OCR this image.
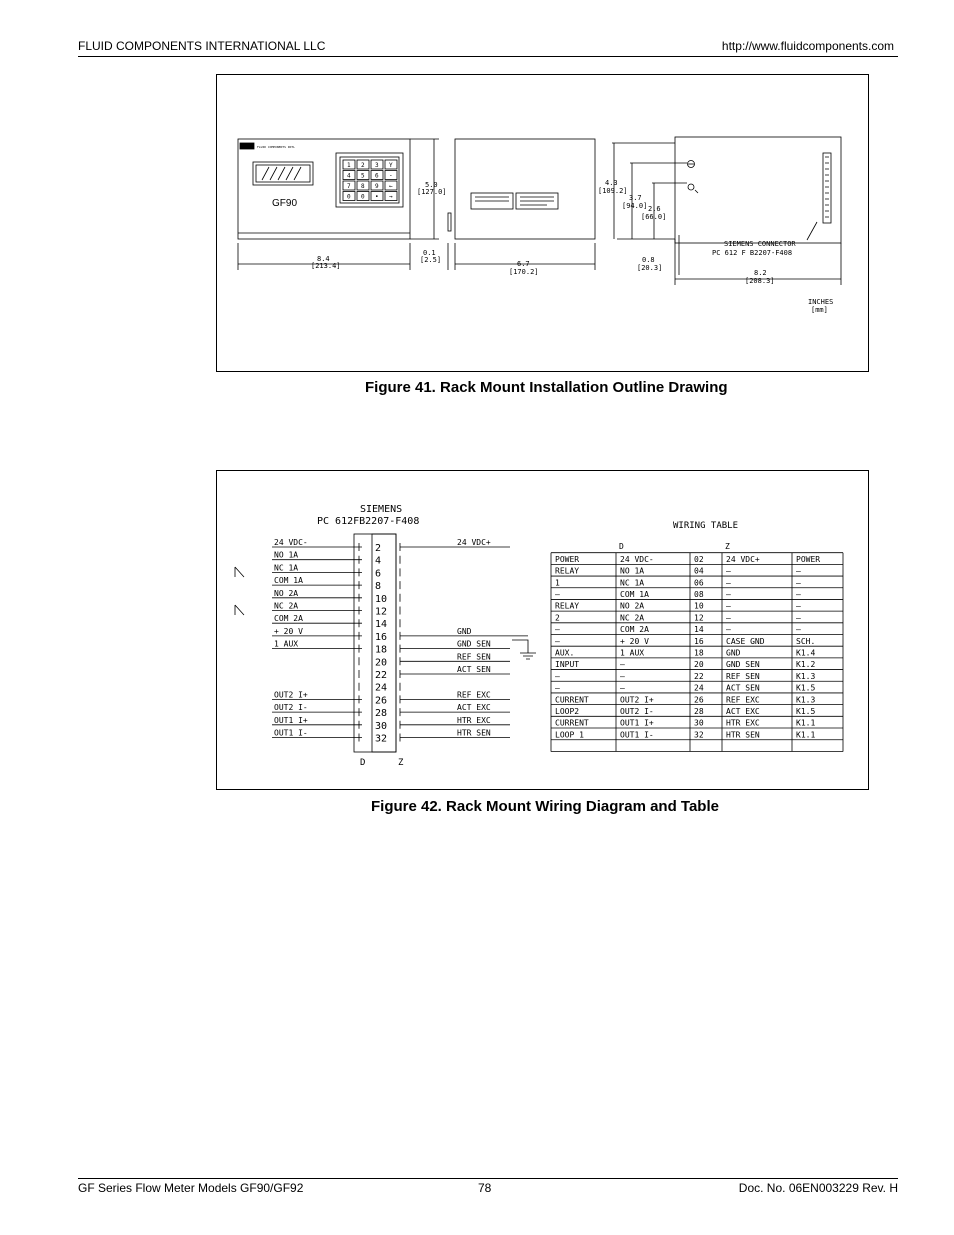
FLUID COMPONENTS INTERNATIONAL LLC	http://www.fluidcomponents.com
FLUID COMPONENTS INTL
GF90
1 2 3 Y
4 5 6 -
7 8 9 ←
0 0 • →
5.0
[127.0]
8.4
[213.4]
0.1
[2.5]	6.7
[170.2]
SIEMENS CONNECTOR
PC 612 F B2207-F408
4.3
[109.2]
3.7
[94.0] 2.6
[66.0]
0.8
[20.3]
8.2
[208.3]
INCHES
[mm]
Figure 41. Rack Mount Installation Outline Drawing
SIEMENS
PC 612FB2207-F408
24 VDC-
NO 1A
NC 1A
COM 1A
NO 2A
NC 2A
COM 2A
+ 20 V
1 AUX
OUT2 I+
OUT2 I-
OUT1 I+
OUT1 I-
2
4
6
8
10
12
14
16
18
20
22
24
26
28
30
32
24 VDC+
GND
GND SEN
REF SEN
ACT SEN
REF EXC
ACT EXC
HTR EXC
HTR SEN
D	Z
WIRING TABLE
D	Z
POWER	24 VDC-	02	24 VDC+	POWER
RELAY	NO 1A	04	–	–
1	NC 1A	06	–	–
–	COM 1A	08	–	–
RELAY	NO 2A	10	–	–
2	NC 2A	12	–	–
–	COM 2A	14	–	–
–	+ 20 V	16	CASE GND	SCH.
AUX.	1 AUX	18	GND	K1.4
INPUT	–	20	GND SEN	K1.2
–	–	22	REF SEN	K1.3
–	–	24	ACT SEN	K1.5
CURRENT	OUT2 I+	26	REF EXC	K1.3
LOOP2	OUT2 I-	28	ACT EXC	K1.5
CURRENT	OUT1 I+	30	HTR EXC	K1.1
LOOP 1	OUT1 I-	32	HTR SEN	K1.1
Figure 42. Rack Mount Wiring Diagram and Table
GF Series Flow Meter Models GF90/GF92	78	Doc. No. 06EN003229 Rev. H
